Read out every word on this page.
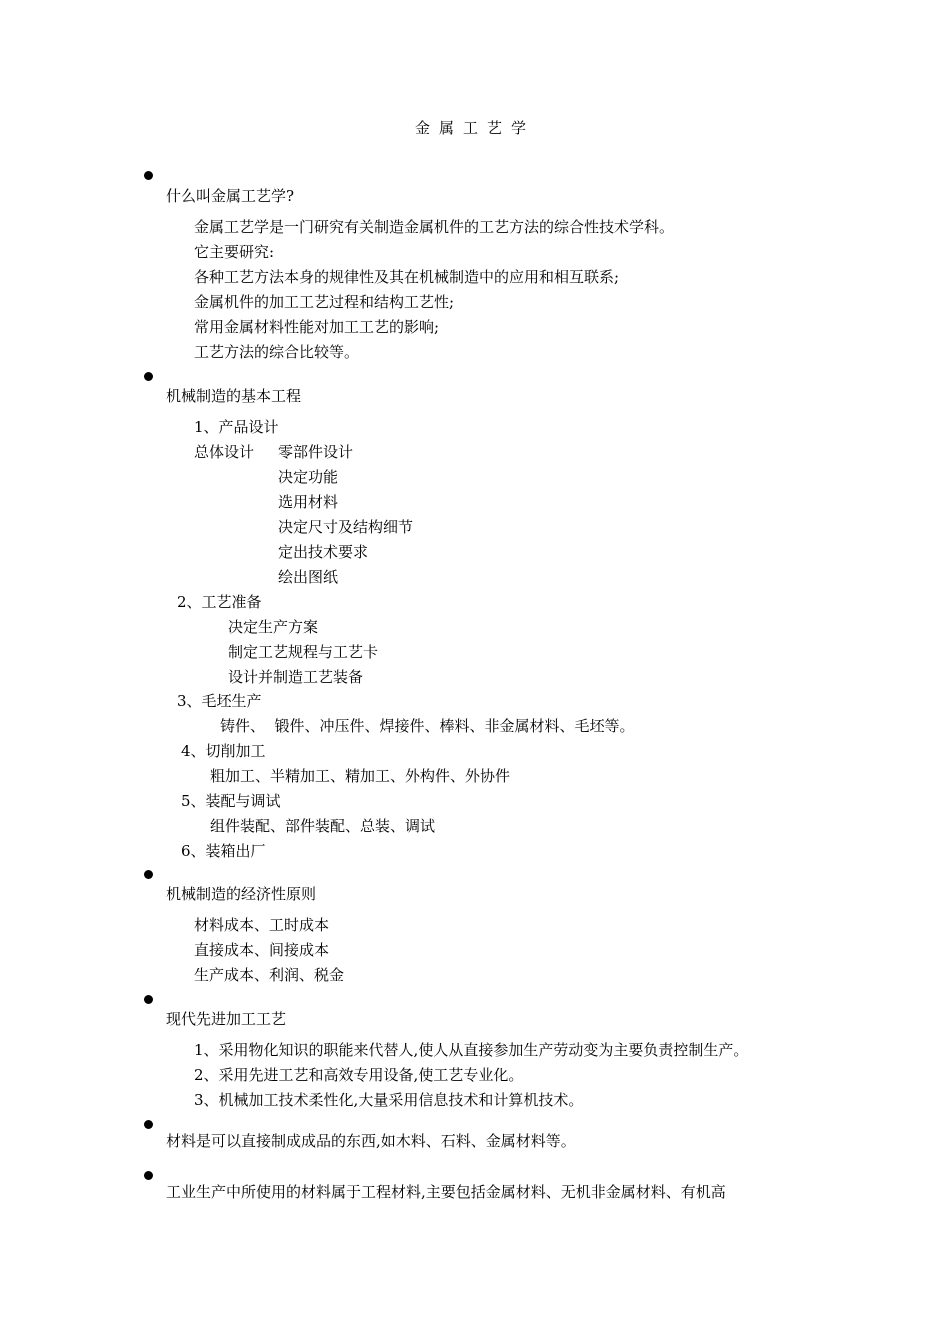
金属工艺学
什么叫金属工艺学?
金属工艺学是一门研究有关制造金属机件的工艺方法的综合性技术学科。
它主要研究:
各种工艺方法本身的规律性及其在机械制造中的应用和相互联系;
金属机件的加工工艺过程和结构工艺性;
常用金属材料性能对加工工艺的影响;
工艺方法的综合比较等。
机械制造的基本工程
1、产品设计
总体设计 零部件设计
决定功能
选用材料
决定尺寸及结构细节
定出技术要求
绘出图纸
2、工艺准备
决定生产方案
制定工艺规程与工艺卡
设计并制造工艺装备
3、毛坯生产
铸件、  锻件、冲压件、焊接件、棒料、非金属材料、毛坯等。
4、切削加工
粗加工、半精加工、精加工、外构件、外协件
5、装配与调试
组件装配、部件装配、总装、调试
6、装箱出厂
机械制造的经济性原则
材料成本、工时成本
直接成本、间接成本
生产成本、利润、税金
现代先进加工工艺
1、采用物化知识的职能来代替人,使人从直接参加生产劳动变为主要负责控制生产。
2、采用先进工艺和高效专用设备,使工艺专业化。
3、机械加工技术柔性化,大量采用信息技术和计算机技术。
材料是可以直接制成成品的东西,如木料、石料、金属材料等。
工业生产中所使用的材料属于工程材料,主要包括金属材料、无机非金属材料、有机高
